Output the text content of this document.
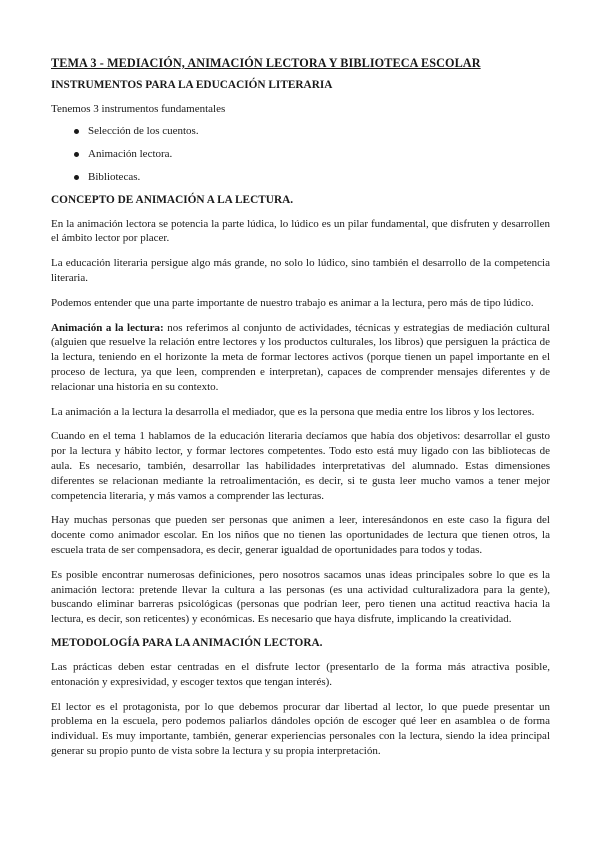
TEMA 3 - MEDIACIÓN, ANIMACIÓN LECTORA Y BIBLIOTECA ESCOLAR
INSTRUMENTOS PARA LA EDUCACIÓN LITERARIA

Tenemos 3 instrumentos fundamentales

Selección de los cuentos.
Animación lectora.
Bibliotecas.
CONCEPTO DE ANIMACIÓN A LA LECTURA.

En la animación lectora se potencia la parte lúdica, lo lúdico es un pilar fundamental, que disfruten y desarrollen el ámbito lector por placer.

La educación literaria persigue algo más grande, no solo lo lúdico, sino también el desarrollo de la competencia literaria.

Podemos entender que una parte importante de nuestro trabajo es animar a la lectura, pero más de tipo lúdico.

Animación a la lectura: nos referimos al conjunto de actividades, técnicas y estrategias de mediación cultural (alguien que resuelve la relación entre lectores y los productos culturales, los libros) que persiguen la práctica de la lectura, teniendo en el horizonte la meta de formar lectores activos (porque tienen un papel importante en el proceso de lectura, ya que leen, comprenden e interpretan), capaces de comprender mensajes diferentes y de relacionar una historia en su contexto.

La animación a la lectura la desarrolla el mediador, que es la persona que media entre los libros y los lectores.

Cuando en el tema 1 hablamos de la educación literaria decíamos que había dos objetivos: desarrollar el gusto por la lectura y hábito lector, y formar lectores competentes. Todo esto está muy ligado con las bibliotecas de aula. Es necesario, también, desarrollar las habilidades interpretativas del alumnado. Estas dimensiones diferentes se relacionan mediante la retroalimentación, es decir, si te gusta leer mucho vamos a tener mejor competencia literaria, y más vamos a comprender las lecturas.

Hay muchas personas que pueden ser personas que animen a leer, interesándonos en este caso la figura del docente como animador escolar. En los niños que no tienen las oportunidades de lectura que tienen otros, la escuela trata de ser compensadora, es decir, generar igualdad de oportunidades para todos y todas.

Es posible encontrar numerosas definiciones, pero nosotros sacamos unas ideas principales sobre lo que es la animación lectora: pretende llevar la cultura a las personas (es una actividad culturalizadora para la gente), buscando eliminar barreras psicológicas (personas que podrían leer, pero tienen una actitud reactiva hacia la lectura, es decir, son reticentes) y económicas. Es necesario que haya disfrute, implicando la creatividad.

METODOLOGÍA PARA LA ANIMACIÓN LECTORA.

Las prácticas deben estar centradas en el disfrute lector (presentarlo de la forma más atractiva posible, entonación y expresividad, y escoger textos que tengan interés).

El lector es el protagonista, por lo que debemos procurar dar libertad al lector, lo que puede presentar un problema en la escuela, pero podemos paliarlos dándoles opción de escoger qué leer en asamblea o de forma individual. Es muy importante, también, generar experiencias personales con la lectura, siendo la idea principal generar su propio punto de vista sobre la lectura y su propia interpretación.
